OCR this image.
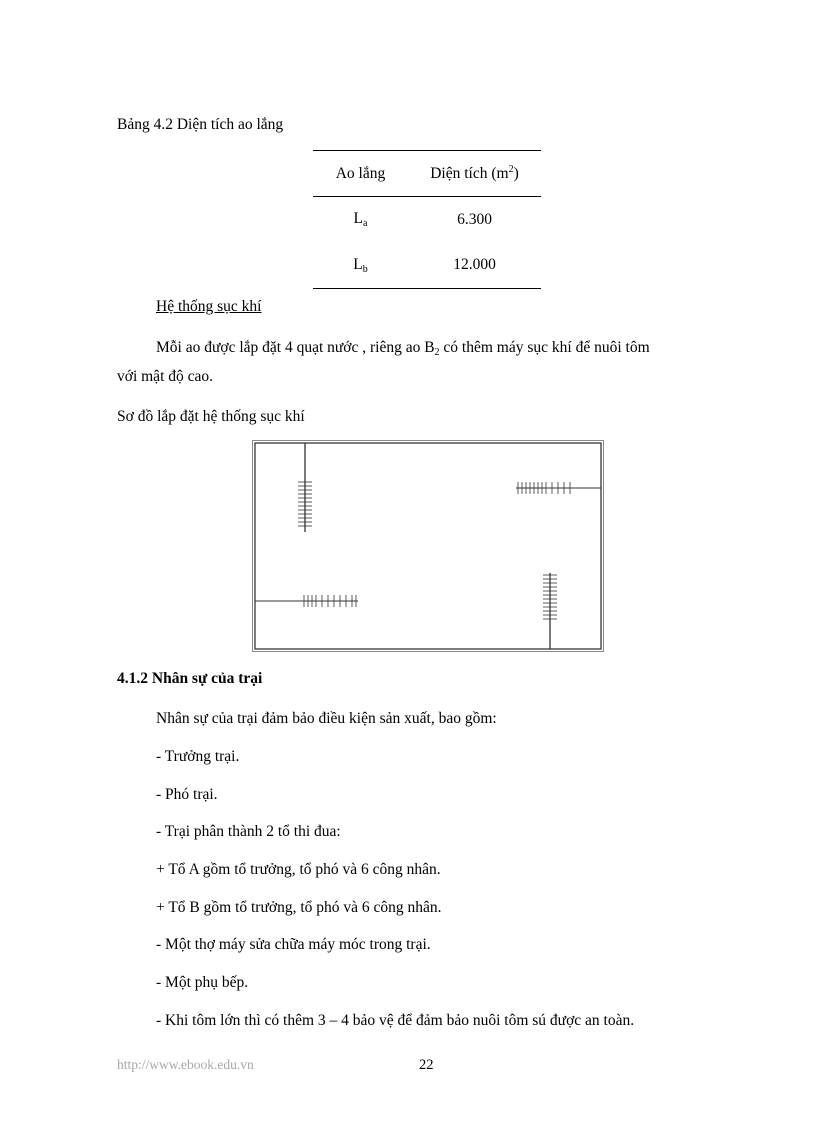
Bảng 4.2 Diện tích ao lắng
Ao lắng	Diện tích $(m^2)$
$L_a$	6.300
$L_b$	12.000
Hệ thống sục khí
Mỗi ao được lắp đặt 4 quạt nước , riêng ao $B_2$ có thêm máy sục khí để nuôi tôm
với mật độ cao.
Sơ đồ lắp đặt hệ thống sục khí
4.1.2 Nhân sự của trại
Nhân sự của trại đảm bảo điều kiện sản xuất, bao gồm:
- Trưởng trại.
- Phó trại.
- Trại phân thành 2 tổ thi đua:
+ Tổ A gồm tổ trưởng, tổ phó và 6 công nhân.
+ Tổ B gồm tổ trưởng, tổ phó và 6 công nhân.
- Một thợ máy sửa chữa máy móc trong trại.
- Một phụ bếp.
- Khi tôm lớn thì có thêm 3 – 4 bảo vệ để đảm bảo nuôi tôm sú được an toàn.
http://www.ebook.edu.vn	22
